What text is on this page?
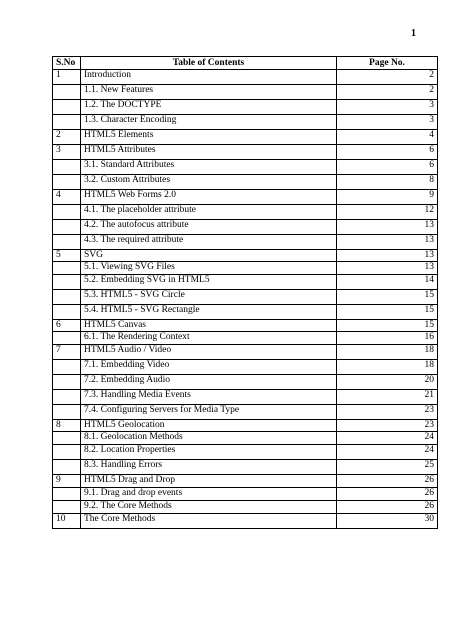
1
S.No	Table of Contents	Page No.
1	Introduction	2
	1.1. New Features	2
	1.2. The DOCTYPE	3
	1.3. Character Encoding	3
2	HTML5 Elements	4
3	HTML5 Attributes	6
	3.1. Standard Attributes	6
	3.2. Custom Attributes	8
4	HTML5 Web Forms 2.0	9
	4.1. The placeholder attribute	12
	4.2. The autofocus attribute	13
	4.3. The required attribute	13
5	SVG	13
	5.1. Viewing SVG Files	13
	5.2. Embedding SVG in HTML5	14
	5.3. HTML5 - SVG Circle	15
	5.4. HTML5 - SVG Rectangle	15
6	HTML5 Canvas	15
	6.1. The Rendering Context	16
7	HTML5 Audio / Video	18
	7.1. Embedding Video	18
	7.2. Embedding Audio	20
	7.3. Handling Media Events	21
	7.4. Configuring Servers for Media Type	23
8	HTML5 Geolocation	23
	8.1. Geolocation Methods	24
	8.2. Location Properties	24
	8.3. Handling Errors	25
9	HTML5 Drag and Drop	26
	9.1. Drag and drop events	26
	9.2. The Core Methods	26
10	The Core Methods	30
